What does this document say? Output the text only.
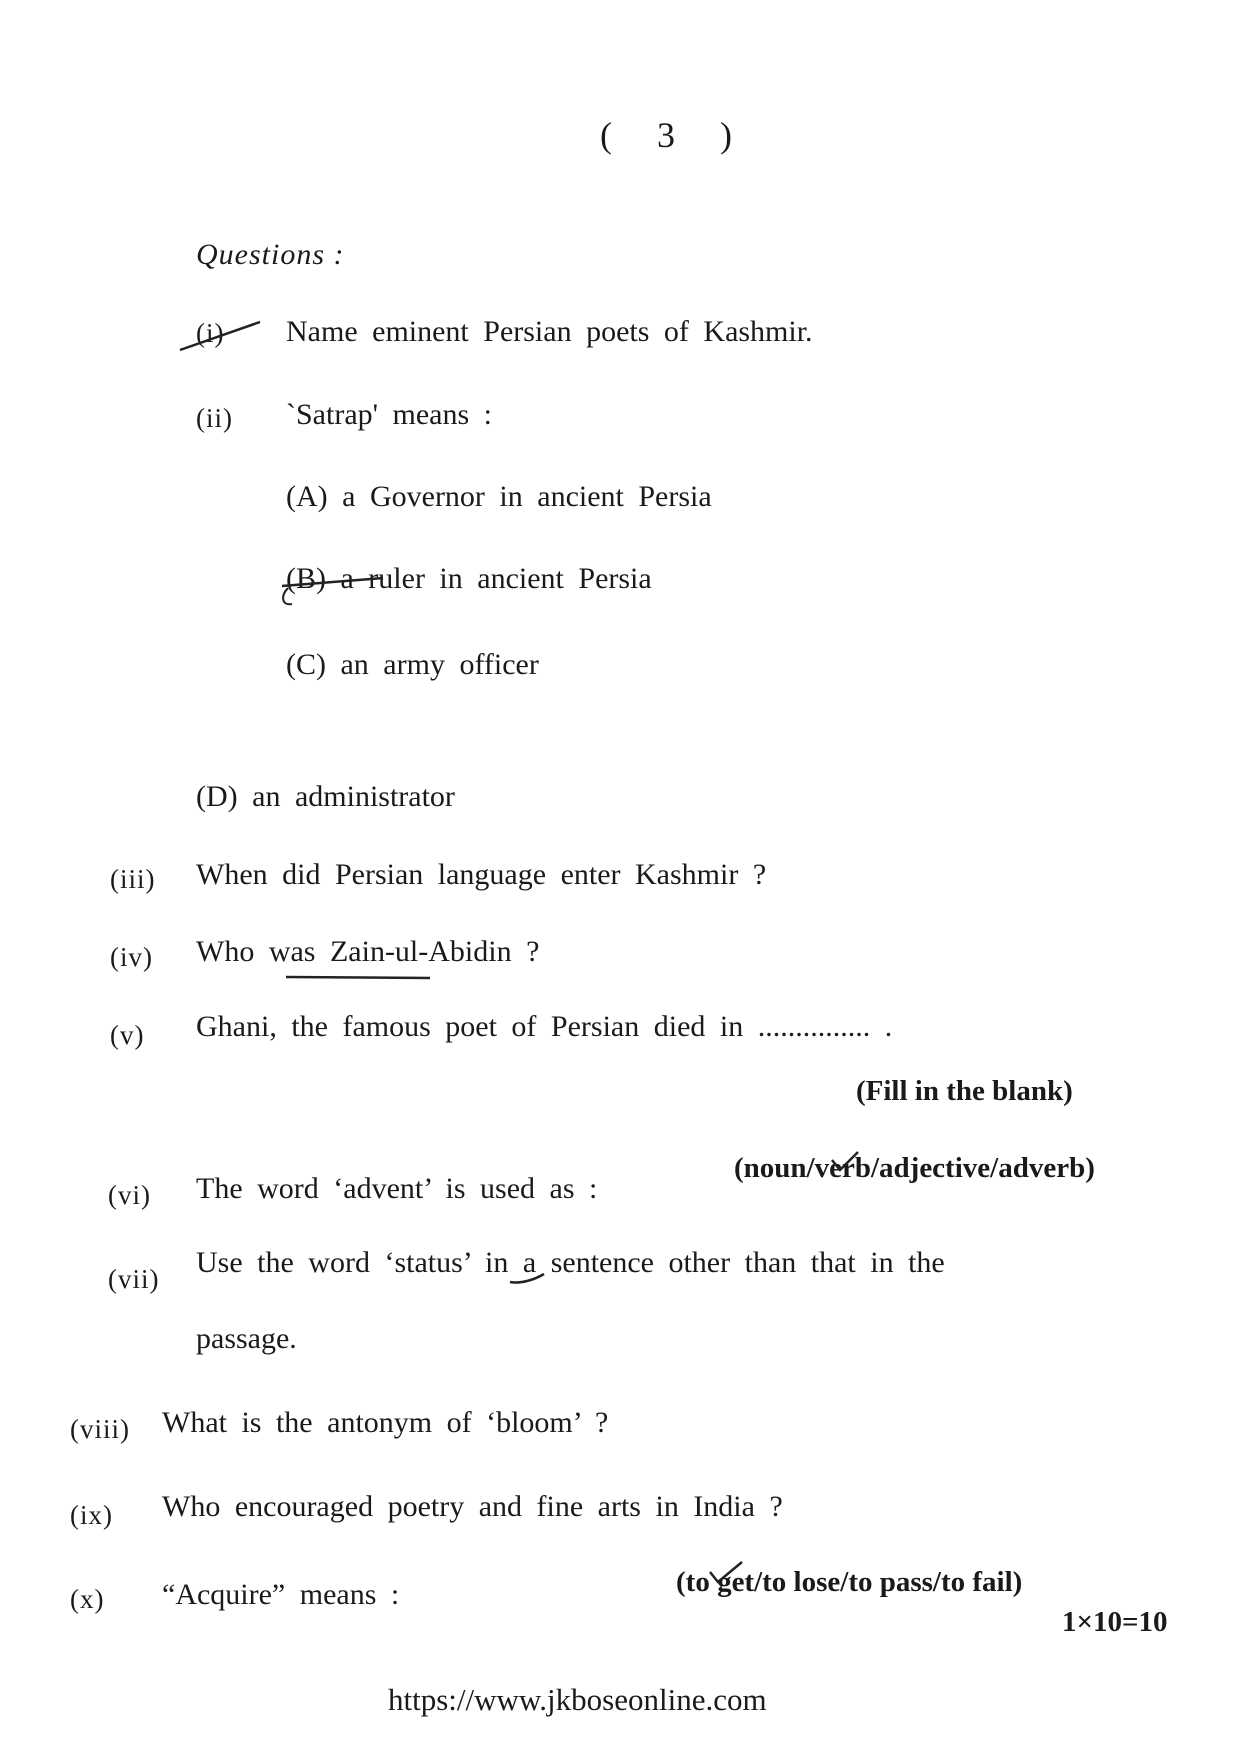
( 3 )
Questions :
(i) Name eminent Persian poets of Kashmir.
(ii) `Satrap' means :
(A) a Governor in ancient Persia
(B) a ruler in ancient Persia
(C) an army officer
(D) an administrator
(iii) When did Persian language enter Kashmir ?
(iv) Who was Zain-ul-Abidin ?
(v) Ghani, the famous poet of Persian died in ............... .
(Fill in the blank)
(vi) The word ‘advent’ is used as :
(noun/verb/adjective/adverb)
(vii) Use the word ‘status’ in a sentence other than that in the
passage.
(viii) What is the antonym of ‘bloom’ ?
(ix) Who encouraged poetry and fine arts in India ?
(x) “Acquire” means :	(to get/to lose/to pass/to fail)
1×10=10
https://www.jkboseonline.com
